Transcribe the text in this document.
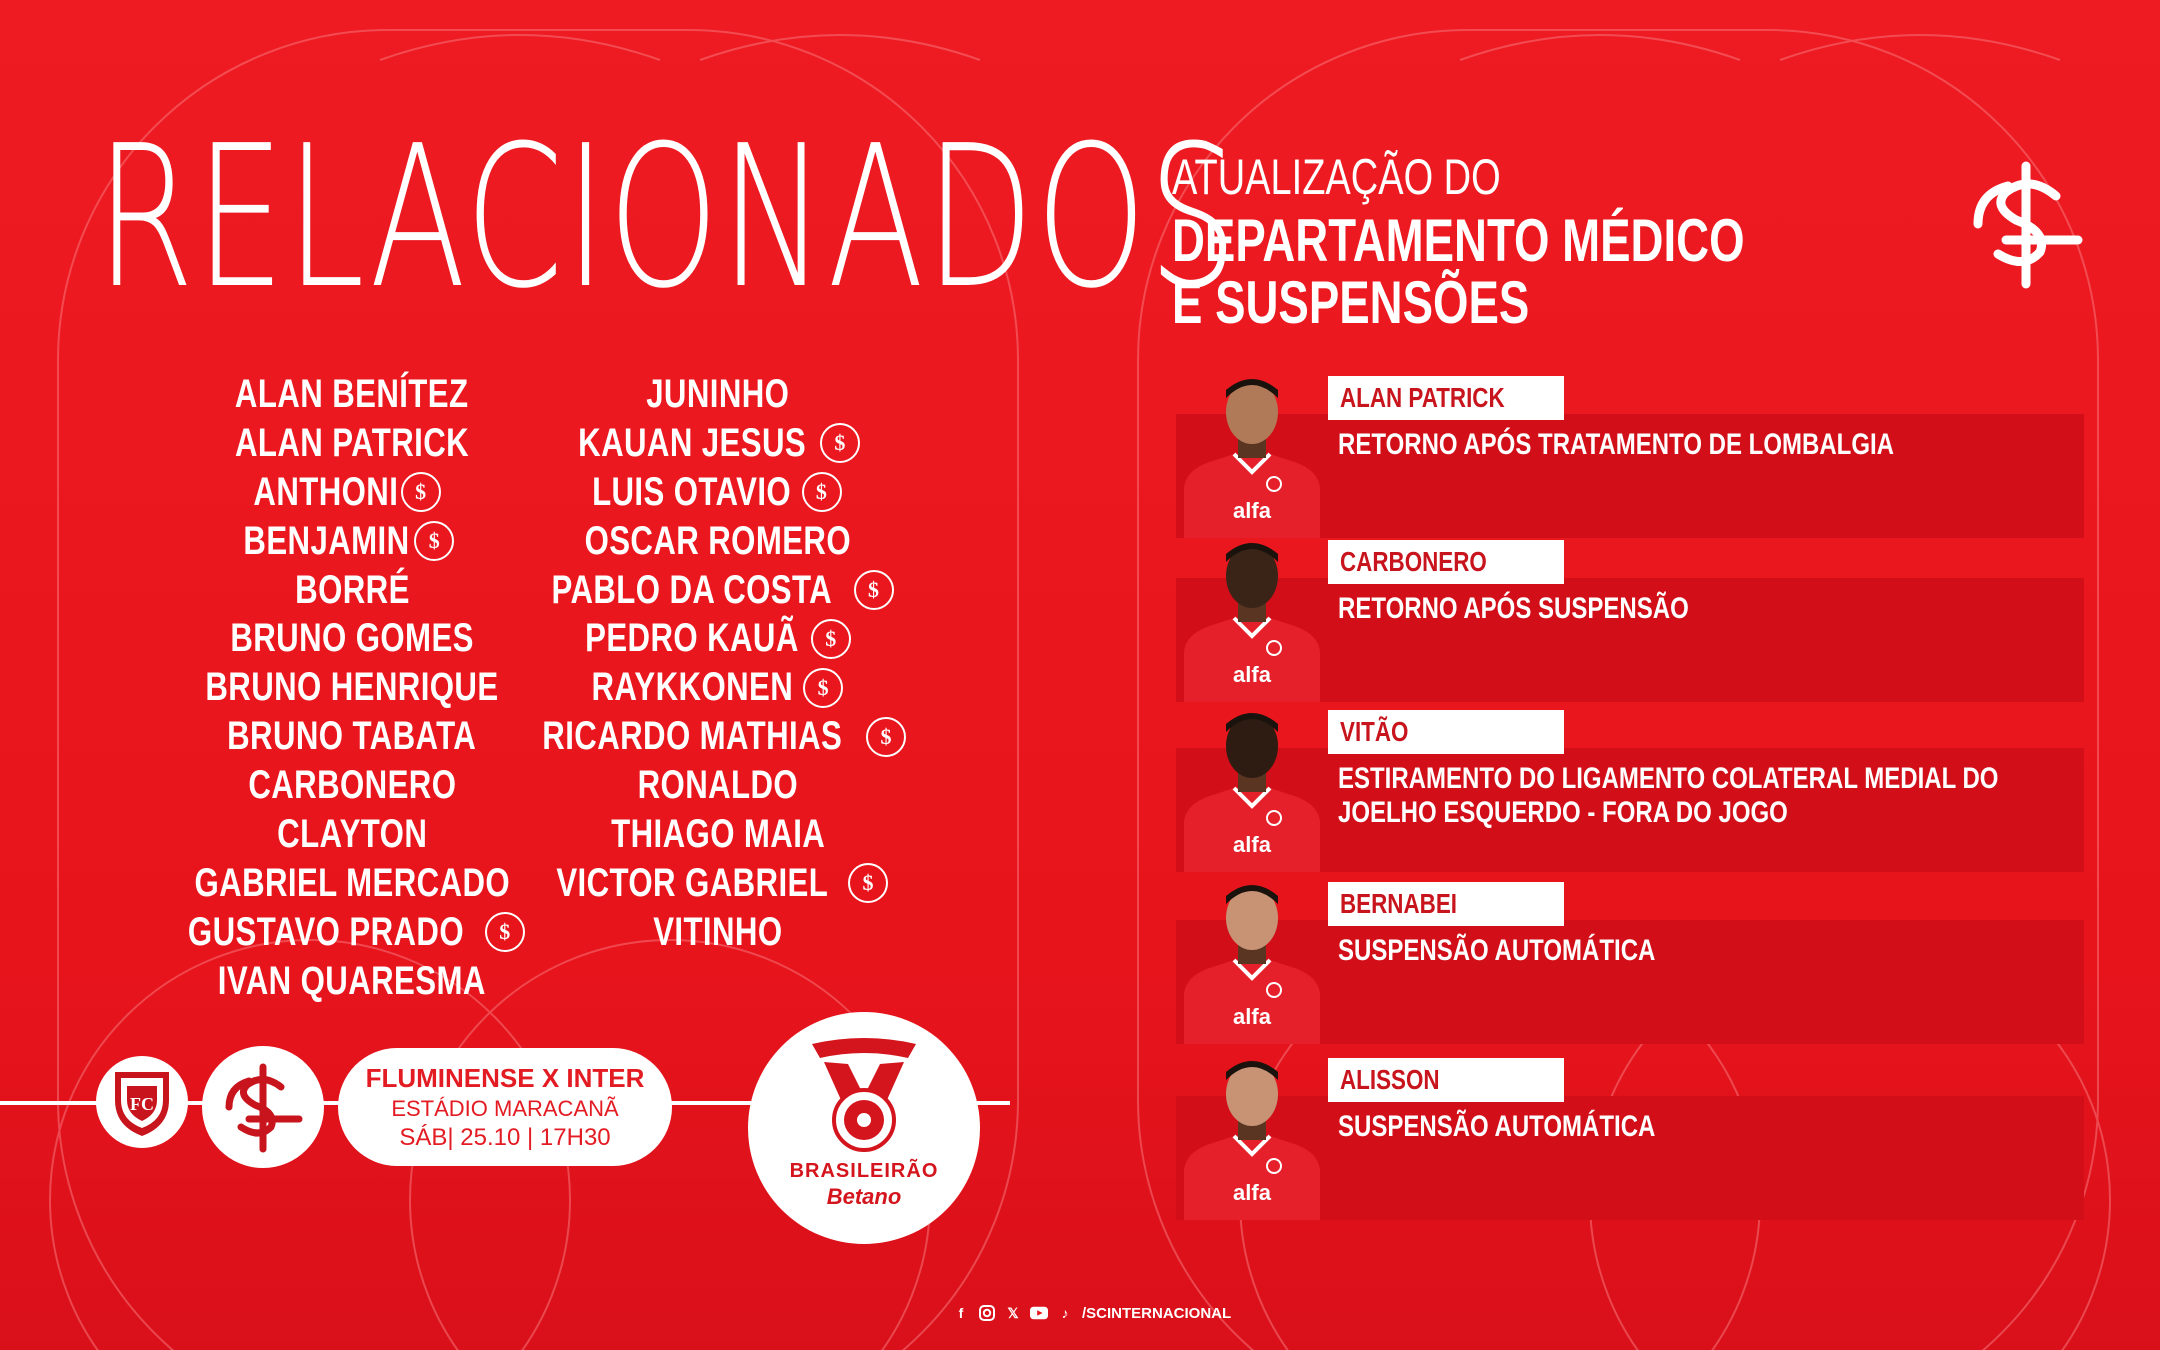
RELACIONADOS
ALAN BENÍTEZ
ALAN PATRICK
ANTHONI $
BENJAMIN $
BORRÉ
BRUNO GOMES
BRUNO HENRIQUE
BRUNO TABATA
CARBONERO
CLAYTON
GABRIEL MERCADO
GUSTAVO PRADO	$
IVAN QUARESMA
JUNINHO
KAUAN JESUS	$
LUIS OTAVIO	$
OSCAR ROMERO
PABLO DA COSTA	$
PEDRO KAUÃ	$
RAYKKONEN	$
RICARDO MATHIAS	$
RONALDO
THIAGO MAIA
VICTOR GABRIEL	$
VITINHO
FC
FLUMINENSE X INTER
ESTÁDIO MARACANÃ
SÁB| 25.10 | 17H30
BRASILEIRÃO
Betano
ATUALIZAÇÃO DO
DEPARTAMENTO MÉDICO
E SUSPENSÕES
alfa
ALAN PATRICK
RETORNO APÓS TRATAMENTO DE LOMBALGIA
alfa
CARBONERO
RETORNO APÓS SUSPENSÃO
alfa
VITÃO
ESTIRAMENTO DO LIGAMENTO COLATERAL MEDIAL DO
JOELHO ESQUERDO - FORA DO JOGO
alfa
BERNABEI
SUSPENSÃO AUTOMÁTICA
alfa
ALISSON
SUSPENSÃO AUTOMÁTICA
f	𝕏	♪ /SCINTERNACIONAL
